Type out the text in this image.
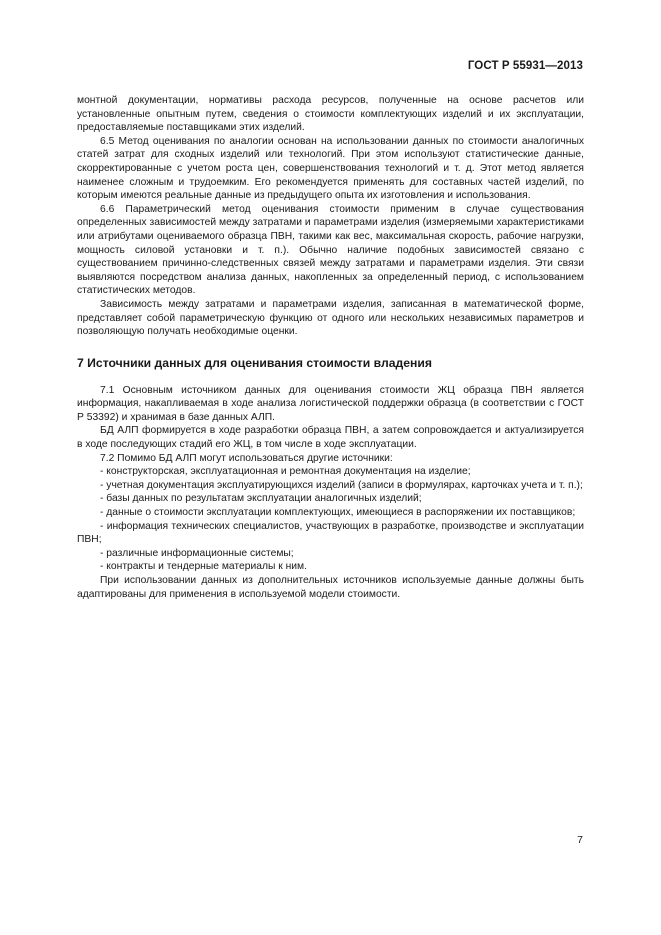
ГОСТ Р 55931—2013

монтной документации, нормативы расхода ресурсов, полученные на основе расчетов или установленные опытным путем, сведения о стоимости комплектующих изделий и их эксплуатации, предоставляемые поставщиками этих изделий.

6.5 Метод оценивания по аналогии основан на использовании данных по стоимости аналогичных статей затрат для сходных изделий или технологий. При этом используют статистические данные, скорректированные с учетом роста цен, совершенствования технологий и т. д. Этот метод является наименее сложным и трудоемким. Его рекомендуется применять для составных частей изделий, по которым имеются реальные данные из предыдущего опыта их изготовления и использования.

6.6 Параметрический метод оценивания стоимости применим в случае существования определенных зависимостей между затратами и параметрами изделия (измеряемыми характеристиками или атрибутами оцениваемого образца ПВН, такими как вес, максимальная скорость, рабочие нагрузки, мощность силовой установки и т. п.). Обычно наличие подобных зависимостей связано с существованием причинно-следственных связей между затратами и параметрами изделия. Эти связи выявляются посредством анализа данных, накопленных за определенный период, с использованием статистических методов.

Зависимость между затратами и параметрами изделия, записанная в математической форме, представляет собой параметрическую функцию от одного или нескольких независимых параметров и позволяющую получать необходимые оценки.

7 Источники данных для оценивания стоимости владения

7.1 Основным источником данных для оценивания стоимости ЖЦ образца ПВН является информация, накапливаемая в ходе анализа логистической поддержки образца (в соответствии с ГОСТ Р 53392) и хранимая в базе данных АЛП.

БД АЛП формируется в ходе разработки образца ПВН, а затем сопровождается и актуализируется в ходе последующих стадий его ЖЦ, в том числе в ходе эксплуатации.

7.2 Помимо БД АЛП могут использоваться другие источники:

- конструкторская, эксплуатационная и ремонтная документация на изделие;

- учетная документация эксплуатирующихся изделий (записи в формулярах, карточках учета и т. п.);

- базы данных по результатам эксплуатации аналогичных изделий;

- данные о стоимости эксплуатации комплектующих, имеющиеся в распоряжении их поставщиков;

- информация технических специалистов, участвующих в разработке, производстве и эксплуатации ПВН;

- различные информационные системы;

- контракты и тендерные материалы к ним.

При использовании данных из дополнительных источников используемые данные должны быть адаптированы для применения в используемой модели стоимости.

7
